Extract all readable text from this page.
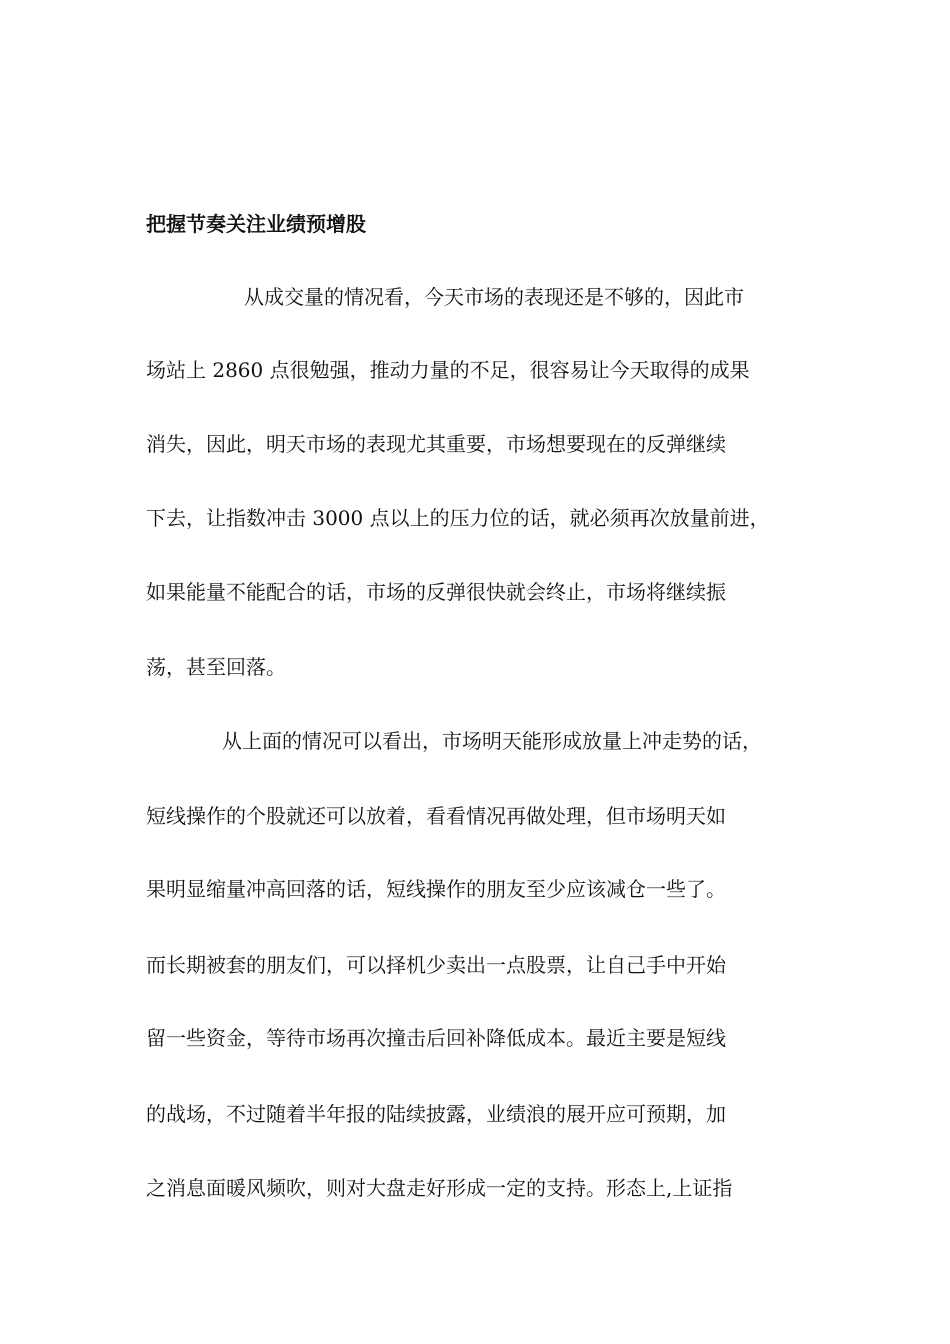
把握节奏关注业绩预增股
从成交量的情况看，今天市场的表现还是不够的，因此市
场站上 2860 点很勉强，推动力量的不足，很容易让今天取得的成果
消失，因此，明天市场的表现尤其重要，市场想要现在的反弹继续
下去，让指数冲击 3000 点以上的压力位的话，就必须再次放量前进，
如果能量不能配合的话，市场的反弹很快就会终止，市场将继续振
荡，甚至回落。
从上面的情况可以看出，市场明天能形成放量上冲走势的话，
短线操作的个股就还可以放着，看看情况再做处理，但市场明天如
果明显缩量冲高回落的话，短线操作的朋友至少应该减仓一些了。
而长期被套的朋友们，可以择机少卖出一点股票，让自己手中开始
留一些资金，等待市场再次撞击后回补降低成本。最近主要是短线
的战场，不过随着半年报的陆续披露，业绩浪的展开应可预期，加
之消息面暖风频吹，则对大盘走好形成一定的支持。形态上,上证指
